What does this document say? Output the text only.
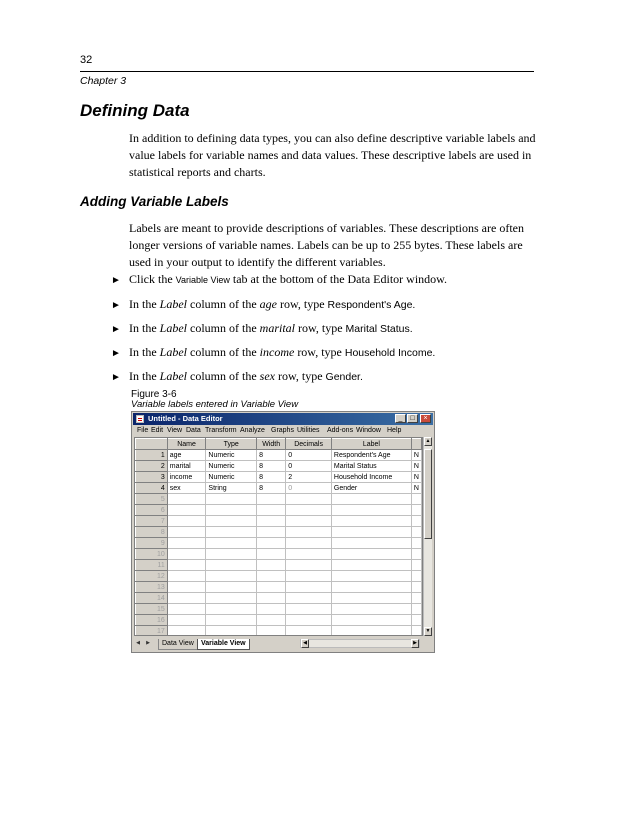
32
Chapter 3
Defining Data

In addition to defining data types, you can also define descriptive variable labels and value labels for variable names and data values. These descriptive labels are used in statistical reports and charts.

Adding Variable Labels

Labels are meant to provide descriptions of variables. These descriptions are often longer versions of variable names. Labels can be up to 255 bytes. These labels are used in your output to identify the different variables.

► Click the Variable View tab at the bottom of the Data Editor window.
► In the Label column of the age row, type Respondent's Age.
► In the Label column of the marital row, type Marital Status.
► In the Label column of the income row, type Household Income.
► In the Label column of the sex row, type Gender.
Figure 3-6
Variable labels entered in Variable View
Untitled - Data Editor	_	□	×
File Edit View Data Transform Analyze Graphs Utilities Add-ons Window Help
	Name	Type	Width	Decimals	Label	
1	age	Numeric	8	0	Respondent's Age	N
2	marital	Numeric	8	0	Marital Status	N
3	income	Numeric	8	2	Household Income	N
4	sex	String	8	0	Gender	N
5						
6						
7						
8						
9						
10						
11						
12						
13						
14						
15						
16						
17						
▲
▼
◀	▶	Data View	Variable View	◀	▶
